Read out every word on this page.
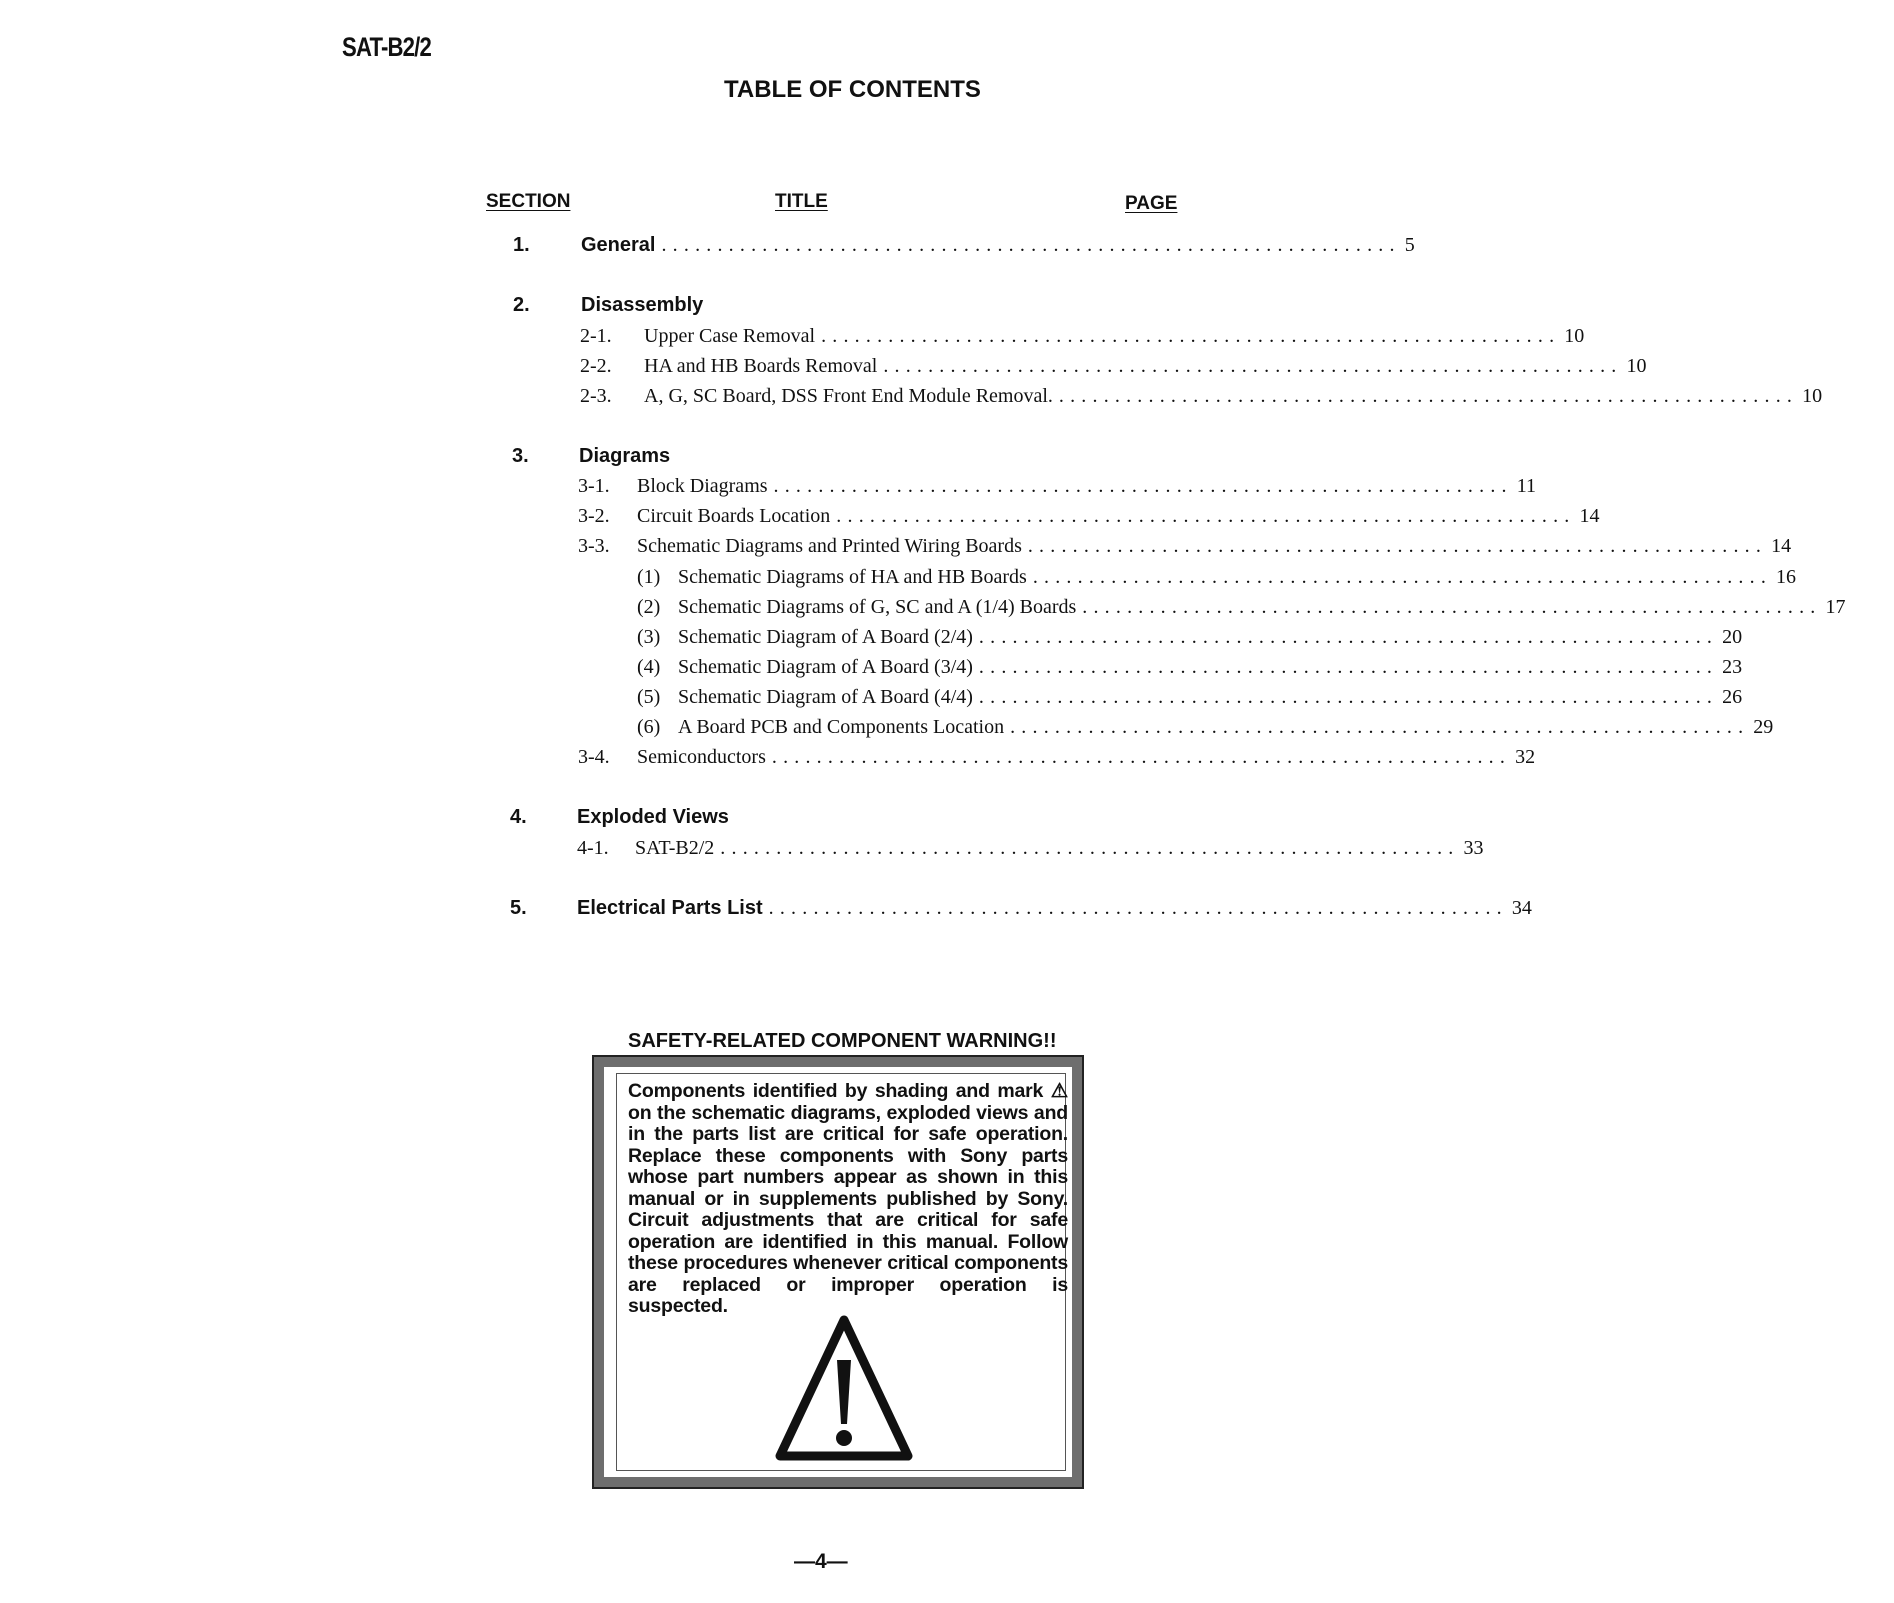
SAT-B2/2
TABLE OF CONTENTS
SECTION	TITLE	PAGE
1.	General .................................................................. 5
2.	Disassembly
2-1. Upper Case Removal .................................................................. 10
2-2. HA and HB Boards Removal .................................................................. 10
2-3. A, G, SC Board, DSS Front End Module Removal. .................................................................. 10
3.	Diagrams
3-1. Block Diagrams .................................................................. 11
3-2. Circuit Boards Location .................................................................. 14
3-3. Schematic Diagrams and Printed Wiring Boards .................................................................. 14
(1) Schematic Diagrams of HA and HB Boards .................................................................. 16
(2) Schematic Diagrams of G, SC and A (1/4) Boards .................................................................. 17
(3) Schematic Diagram of A Board (2/4) .................................................................. 20
(4) Schematic Diagram of A Board (3/4) .................................................................. 23
(5) Schematic Diagram of A Board (4/4) .................................................................. 26
(6) A Board PCB and Components Location .................................................................. 29
3-4. Semiconductors .................................................................. 32
4.	Exploded Views
4-1. SAT-B2/2 .................................................................. 33
5.	Electrical Parts List .................................................................. 34
SAFETY-RELATED COMPONENT WARNING!!
Components identified by shading and mark ⚠ on the schematic diagrams, exploded views and in the parts list are critical for safe operation. Replace these components with Sony parts whose part numbers appear as shown in this manual or in supplements published by Sony. Circuit adjustments that are critical for safe operation are identified in this manual. Follow these procedures whenever critical components are replaced or improper operation is suspected.
—4—
